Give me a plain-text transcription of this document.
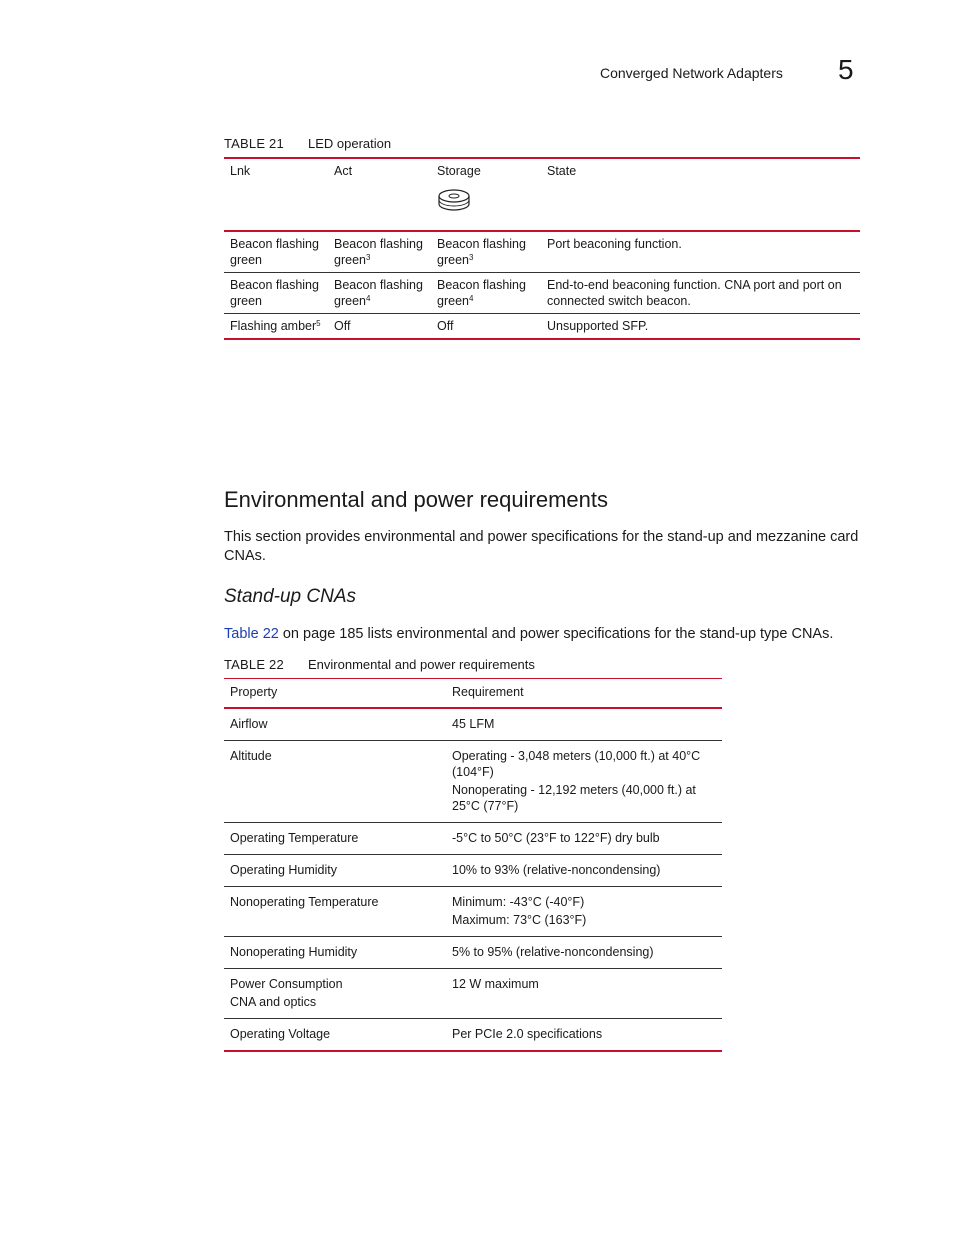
Converged Network Adapters 5
TABLE 21 LED operation
Lnk	Act	Storage	State
Beacon flashing green	Beacon flashing green$^3$	Beacon flashing green$^3$	Port beaconing function.
Beacon flashing green	Beacon flashing green$^4$	Beacon flashing green$^4$	End-to-end beaconing function. CNA port and port on connected switch beacon.
Flashing amber$^5$	Off	Off	Unsupported SFP.
Environmental and power requirements

This section provides environmental and power specifications for the stand-up and mezzanine card CNAs.

Stand-up CNAs

Table 22 on page 185 lists environmental and power specifications for the stand-up type CNAs.

TABLE 22 Environmental and power requirements
Property	Requirement

Airflow	45 LFM

Altitude	Operating - 3,048 meters (10,000 ft.) at 40°C (104°F)

Nonoperating - 12,192 meters (40,000 ft.) at 25°C (77°F)

Operating Temperature	-5°C to 50°C (23°F to 122°F) dry bulb

Operating Humidity	10% to 93% (relative-noncondensing)

Nonoperating Temperature	Minimum: -43°C (-40°F)

Maximum: 73°C (163°F)

Nonoperating Humidity	5% to 95% (relative-noncondensing)

Power Consumption

CNA and optics	12 W maximum

Operating Voltage	Per PCIe 2.0 specifications
